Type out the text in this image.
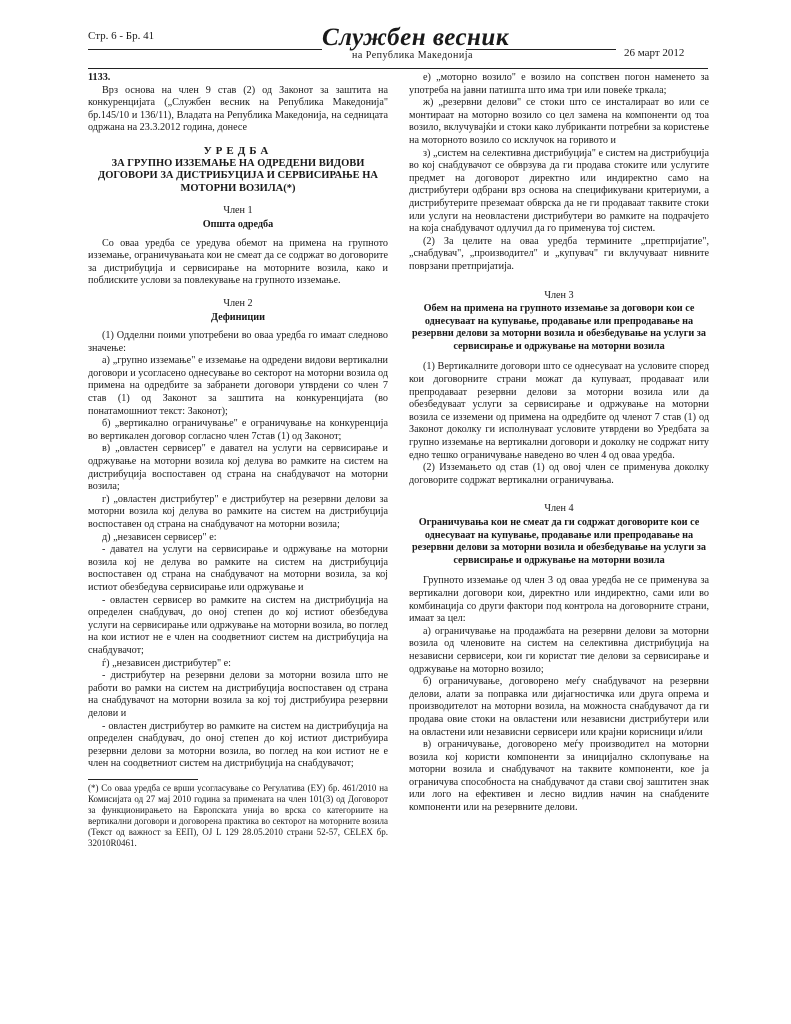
Стр. 6 - Бр. 41	Службен весник
на Република Македонија	26 март 2012

1133.

Врз основа на член 9 став (2) од Законот за заштита на конкуренцијата („Службен весник на Република Македонија" бр.145/10 и 136/11), Владата на Република Македонија, на седницата одржана на 23.3.2012 година, донесе

УРЕДБА
ЗА ГРУПНО ИЗЗЕМАЊЕ НА ОДРЕДЕНИ ВИДОВИ ДОГОВОРИ ЗА ДИСТРИБУЦИЈА И СЕРВИСИРАЊЕ НА МОТОРНИ ВОЗИЛА(*)
Член 1
Општа одредба

Со оваа уредба се уредува обемот на примена на групното изземање, ограничувањата кои не смеат да се содржат во договорите за дистрибуција и сервисирање на моторните возила, како и поблиските услови за повлекување на групното изземање.

Член 2
Дефиниции

(1) Одделни поими употребени во оваа уредба го имаат следново значење:

а) „групно изземање" е изземање на одредени видови вертикални договори и усогласено однесување во секторот на моторни возила од примена на одредбите за забранети договори утврдени со член 7 став (1) од Законот за заштита на конкуренцијата (во понатамошниот текст: Законот);

б) „вертикално ограничување" е ограничување на конкуренција во вертикален договор согласно член 7став (1) од Законот;

в) „овластен сервисер" е давател на услуги на сервисирање и одржување на моторни возила кој делува во рамките на систем на дистрибуција воспоставен од страна на снабдувачот на моторни возила;

г) „овластен дистрибутер" е дистрибутер на резервни делови за моторни возила кој делува во рамките на систем на дистрибуција воспоставен од страна на снабдувачот на моторни возила;

д) „независен сервисер" е:

- давател на услуги на сервисирање и одржување на моторни возила кој не делува во рамките на систем на дистрибуција воспоставен од страна на снабдувачот на моторни возила, за кој истиот обезбедува сервисирање или одржување и

- овластен сервисер во рамките на систем на дистрибуција на определен снабдувач, до оној степен до кој истиот обезбедува услуги на сервисирање или одржување на моторни возила, во поглед на кои истиот не е член на соодветниот систем на дистрибуција на снабдувачот;

ѓ) „независен дистрибутер" е:

- дистрибутер на резервни делови за моторни возила што не работи во рамки на систем на дистрибуција воспоставен од страна на снабдувачот на моторни возила за кој тој дистрибуира резервни делови и

- овластен дистрибутер во рамките на систем на дистрибуција на определен снабдувач, до оној степен до кој истиот дистрибуира резервни делови за моторни возила, во поглед на кои истиот не е член на соодветниот систем на дистрибуција на снабдувачот;

(*) Со оваа уредба се врши усогласување со Регулатива (ЕУ) бр. 461/2010 на Комисијата од 27 мај 2010 година за примената на член 101(3) од Договорот за функционирањето на Европската унија во врска со категориите на вертикални договори и договорена практика во секторот на моторните возила (Текст од важност за ЕЕП), OJ L 129 28.05.2010 страни 52-57, CELEX бр. 32010R0461.

е) „моторно возило" е возило на сопствен погон наменето за употреба на јавни патишта што има три или повеќе тркала;

ж) „резервни делови" се стоки што се инсталираат во или се монтираат на моторно возило со цел замена на компоненти од тоа возило, вклучувајќи и стоки како лубриканти потребни за користење на моторното возило со исклучок на горивото и

з) „систем на селективна дистрибуција" е систем на дистрибуција во кој снабдувачот се обврзува да ги продава стоките или услугите предмет на договорот директно или индиректно само на дистрибутери одбрани врз основа на спецификувани критериуми, а дистрибутерите преземаат обврска да не ги продаваат таквите стоки или услуги на неовластени дистрибутери во рамките на подрачјето на која снабдувачот одлучил да го применува тој систем.

(2) За целите на оваа уредба термините „претпријатие", „снабдувач", „производител" и „купувач" ги вклучуваат нивните поврзани претпријатија.

Член 3
Обем на примена на групното изземање за договори кои се однесуваат на купување, продавање или препродавање на резервни делови за моторни возила и обезбедување на услуги за сервисирање и одржување на моторни возила

(1) Вертикалните договори што се однесуваат на условите според кои договорните страни можат да купуваат, продаваат или препродаваат резервни делови за моторни возила или да обезбедуваат услуги за сервисирање и одржување на моторни возила се изземени од примена на одредбите од членот 7 став (1) од Законот доколку ги исполнуваат условите утврдени во Уредбата за групно изземање на вертикални договори и доколку не содржат ниту едно тешко ограничување наведено во член 4 од оваа уредба.

(2) Изземањето од став (1) од овој член се применува доколку договорите содржат вертикални ограничувања.

Член 4
Ограничувања кои не смеат да ги содржат договорите кои се однесуваат на купување, продавање или препродавање на резервни делови за моторни возила и обезбедување на услуги за сервисирање и одржување на моторни возила

Групното изземање од член 3 од оваа уредба не се применува за вертикални договори кои, директно или индиректно, сами или во комбинација со други фактори под контрола на договорните страни, имаат за цел:

а) ограничување на продажбата на резервни делови за моторни возила од членовите на систем на селективна дистрибуција на независни сервисери, кои ги користат тие делови за сервисирање и одржување на моторно возило;

б) ограничување, договорено меѓу снабдувачот на резервни делови, алати за поправка или дијагностичка или друга опрема и производителот на моторни возила, на можноста снабдувачот да ги продава овие стоки на овластени или независни дистрибутери или на овластени или независни сервисери или крајни корисници и/или

в) ограничување, договорено меѓу производител на моторни возила кој користи компоненти за иницијално склопување на моторни возила и снабдувачот на таквите компоненти, кое ја ограничува способноста на снабдувачот да стави свој заштитен знак или лого на ефективен и лесно видлив начин на снабдените компоненти или на резервните делови.
